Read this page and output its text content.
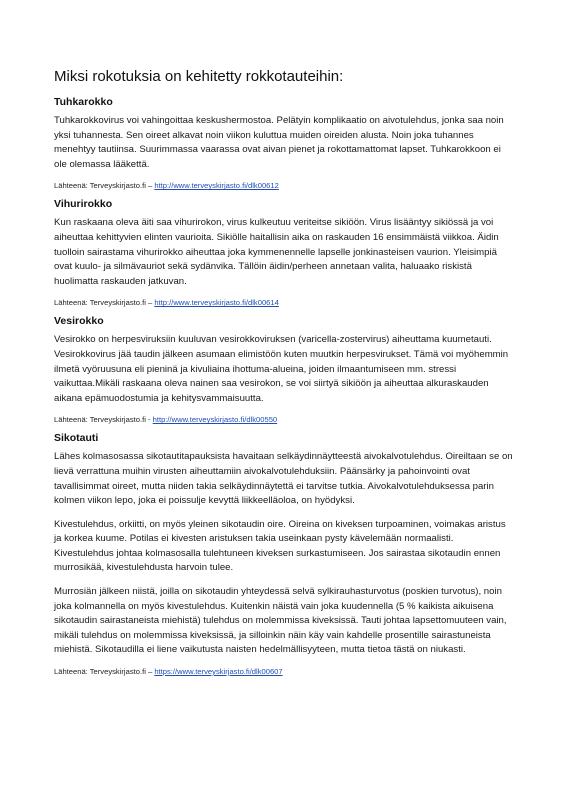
Miksi rokotuksia on kehitetty rokkotauteihin:
Tuhkarokko

Tuhkarokkovirus voi vahingoittaa keskushermostoa. Pelätyin komplikaatio on aivotulehdus, jonka saa noin yksi tuhannesta. Sen oireet alkavat noin viikon kuluttua muiden oireiden alusta. Noin joka tuhannes menehtyy tautiinsa. Suurimmassa vaarassa ovat aivan pienet ja rokottamattomat lapset. Tuhkarokkoon ei ole olemassa lääkettä.

Lähteenä: Terveyskirjasto.fi – http://www.terveyskirjasto.fi/dlk00612

Vihurirokko

Kun raskaana oleva äiti saa vihurirokon, virus kulkeutuu veriteitse sikiöön. Virus lisääntyy sikiössä ja voi aiheuttaa kehittyvien elinten vaurioita. Sikiölle haitallisin aika on raskauden 16 ensimmäistä viikkoa. Äidin tuolloin sairastama vihurirokko aiheuttaa joka kymmenennelle lapselle jonkinasteisen vaurion. Yleisimpiä ovat kuulo- ja silmävauriot sekä sydänvika. Tällöin äidin/perheen annetaan valita, haluaako riskistä huolimatta raskauden jatkuvan.

Lähteenä: Terveyskirjasto.fi – http://www.terveyskirjasto.fi/dlk00614

Vesirokko

Vesirokko on herpesviruksiin kuuluvan vesirokkoviruksen (varicella-zostervirus) aiheuttama kuumetauti. Vesirokkovirus jää taudin jälkeen asumaan elimistöön kuten muutkin herpesvirukset. Tämä voi myöhemmin ilmetä vyöruusuna eli pieninä ja kivuliaina ihottuma-alueina, joiden ilmaantumiseen mm. stressi vaikuttaa.Mikäli raskaana oleva nainen saa vesirokon, se voi siirtyä sikiöön ja aiheuttaa alkuraskauden aikana epämuodostumia ja kehitysvammaisuutta.

Lähteenä: Terveyskirjasto.fi - http://www.terveyskirjasto.fi/dlk00550

Sikotauti

Lähes kolmasosassa sikotautitapauksista havaitaan selkäydinnäytteestä aivokalvotulehdus. Oireiltaan se on lievä verrattuna muihin virusten aiheuttamiin aivokalvotulehduksiin. Päänsärky ja pahoinvointi ovat tavallisimmat oireet, mutta niiden takia selkäydinnäytettä ei tarvitse tutkia. Aivokalvotulehduksessa parin kolmen viikon lepo, joka ei poissulje kevyttä liikkeelläoloa, on hyödyksi.

Kivestulehdus, orkiitti, on myös yleinen sikotaudin oire. Oireina on kiveksen turpoaminen, voimakas aristus ja korkea kuume. Potilas ei kivesten aristuksen takia useinkaan pysty kävelemään normaalisti. Kivestulehdus johtaa kolmasosalla tulehtuneen kiveksen surkastumiseen. Jos sairastaa sikotaudin ennen murrosikää, kivestulehdusta harvoin tulee.

Murrosiän jälkeen niistä, joilla on sikotaudin yhteydessä selvä sylkirauhasturvotus (poskien turvotus), noin joka kolmannella on myös kivestulehdus. Kuitenkin näistä vain joka kuudennella (5 % kaikista aikuisena sikotaudin sairastaneista miehistä) tulehdus on molemmissa kiveksissä. Tauti johtaa lapsettomuuteen vain, mikäli tulehdus on molemmissa kiveksissä, ja silloinkin näin käy vain kahdelle prosentille sairastuneista miehistä. Sikotaudilla ei liene vaikutusta naisten hedelmällisyyteen, mutta tietoa tästä on niukasti.

Lähteenä: Terveyskirjasto.fi – https://www.terveyskirjasto.fi/dlk00607
